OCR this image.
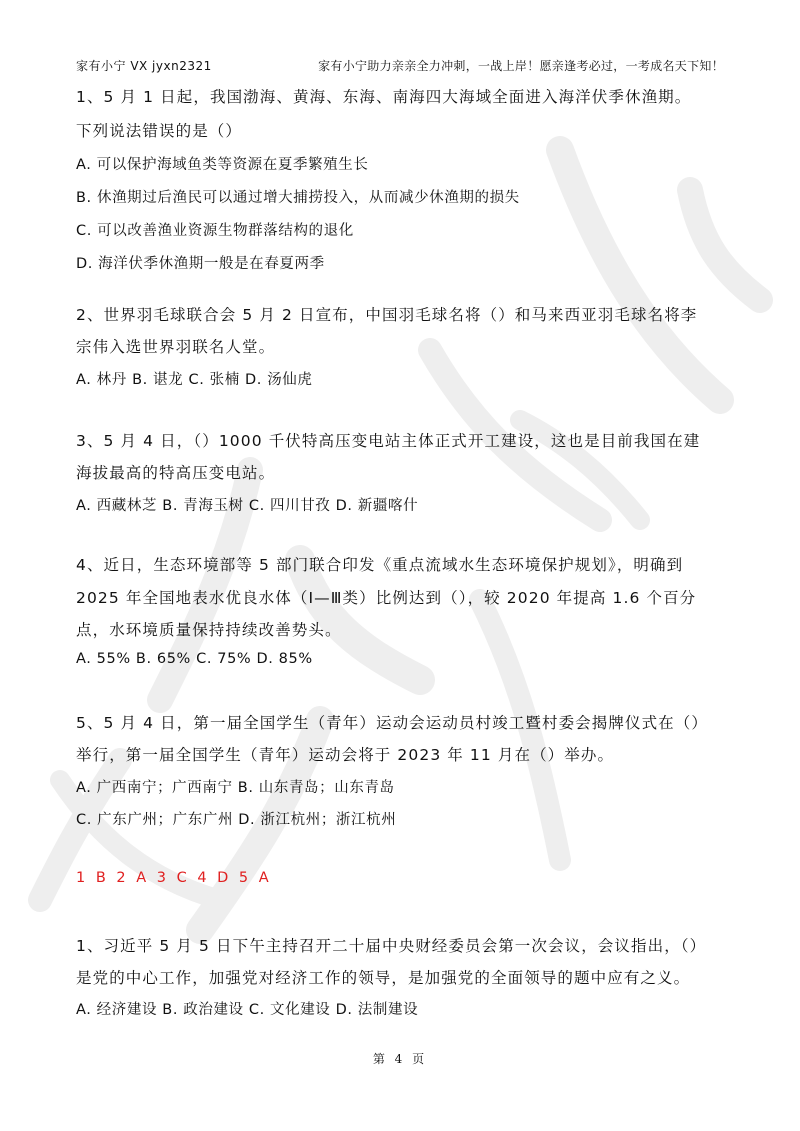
家有小宁 VX jyxn2321	家有小宁助力亲亲全力冲刺，一战上岸！愿亲逢考必过，一考成名天下知！
1、5 月 1 日起，我国渤海、黄海、东海、南海四大海域全面进入海洋伏季休渔期。
下列说法错误的是（）
A. 可以保护海域鱼类等资源在夏季繁殖生长
B. 休渔期过后渔民可以通过增大捕捞投入，从而减少休渔期的损失
C. 可以改善渔业资源生物群落结构的退化
D. 海洋伏季休渔期一般是在春夏两季
2、世界羽毛球联合会 5 月 2 日宣布，中国羽毛球名将（）和马来西亚羽毛球名将李
宗伟入选世界羽联名人堂。
A. 林丹 B. 谌龙 C. 张楠 D. 汤仙虎
3、5 月 4 日，（）1000 千伏特高压变电站主体正式开工建设，这也是目前我国在建
海拔最高的特高压变电站。
A. 西藏林芝 B. 青海玉树 C. 四川甘孜 D. 新疆喀什
4、近日，生态环境部等 5 部门联合印发《重点流域水生态环境保护规划》，明确到
2025 年全国地表水优良水体（Ⅰ—Ⅲ类）比例达到（），较 2020 年提高 1.6 个百分
点，水环境质量保持持续改善势头。
A. 55% B. 65% C. 75% D. 85%
5、5 月 4 日，第一届全国学生（青年）运动会运动员村竣工暨村委会揭牌仪式在（）
举行，第一届全国学生（青年）运动会将于 2023 年 11 月在（）举办。
A. 广西南宁；广西南宁 B. 山东青岛；山东青岛
C. 广东广州；广东广州 D. 浙江杭州；浙江杭州
1 B 2 A 3 C 4 D 5 A
1、习近平 5 月 5 日下午主持召开二十届中央财经委员会第一次会议，会议指出，（）
是党的中心工作，加强党对经济工作的领导，是加强党的全面领导的题中应有之义。
A. 经济建设 B. 政治建设 C. 文化建设 D. 法制建设
第 4 页
